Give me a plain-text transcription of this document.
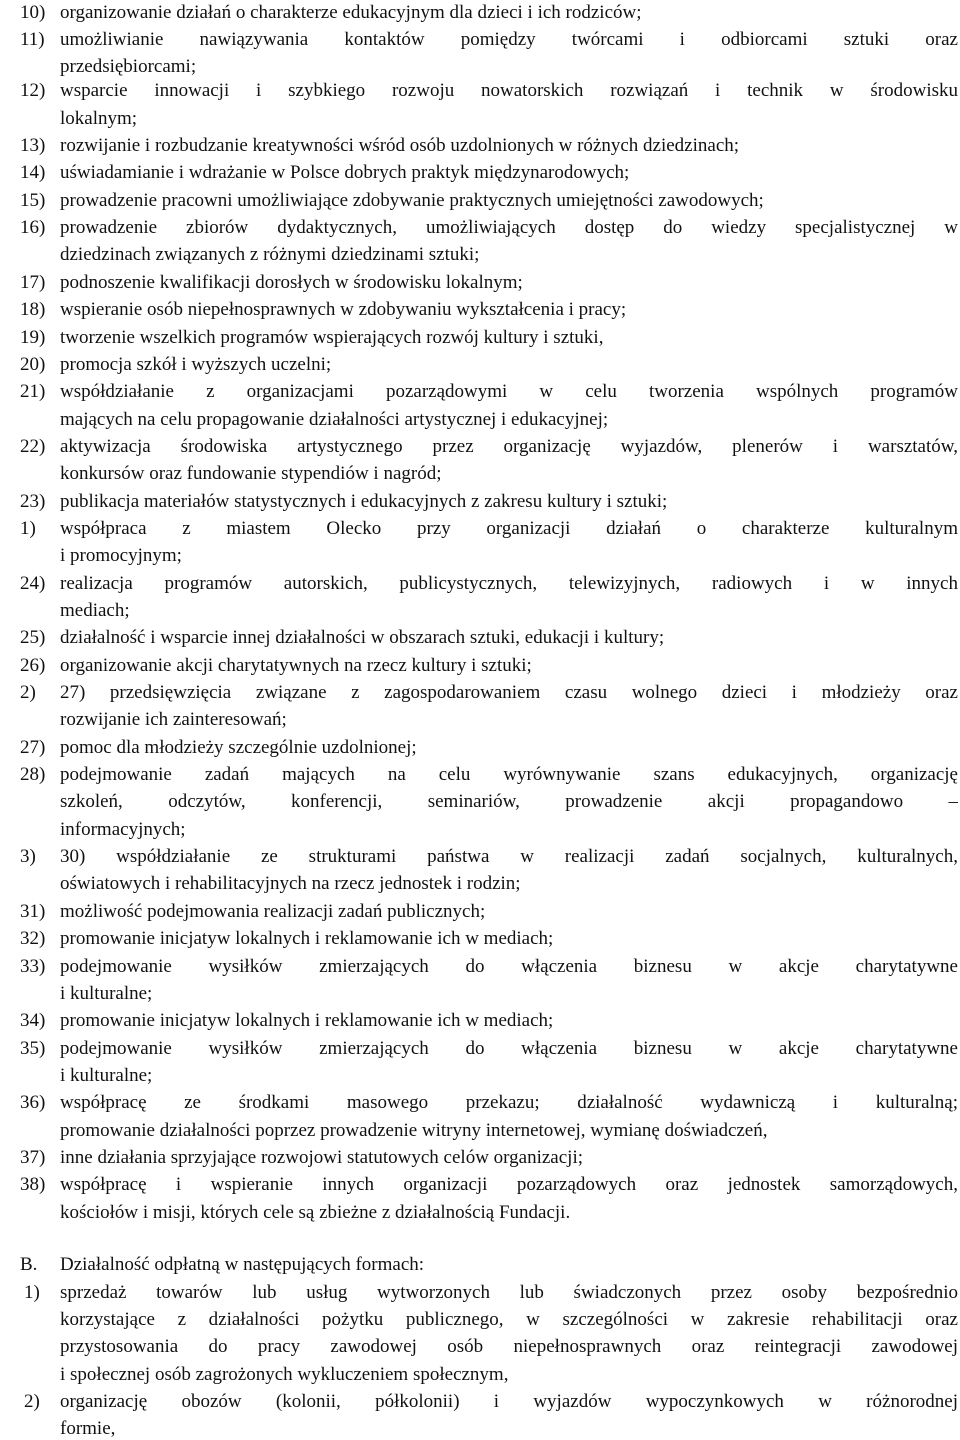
10) organizowanie działań o charakterze edukacyjnym dla dzieci i ich rodziców;
11) umożliwianie nawiązywania kontaktów pomiędzy twórcami i odbiorcami sztuki oraz
przedsiębiorcami;
12) wsparcie innowacji i szybkiego rozwoju nowatorskich rozwiązań i technik w środowisku
lokalnym;
13) rozwijanie i rozbudzanie kreatywności wśród osób uzdolnionych w różnych dziedzinach;
14) uświadamianie i wdrażanie w Polsce dobrych praktyk międzynarodowych;
15) prowadzenie pracowni umożliwiające zdobywanie praktycznych umiejętności zawodowych;
16) prowadzenie zbiorów dydaktycznych, umożliwiających dostęp do wiedzy specjalistycznej w
dziedzinach związanych z różnymi dziedzinami sztuki;
17) podnoszenie kwalifikacji dorosłych w środowisku lokalnym;
18) wspieranie osób niepełnosprawnych w zdobywaniu wykształcenia i pracy;
19) tworzenie wszelkich programów wspierających rozwój kultury i sztuki,
20) promocja szkół i wyższych uczelni;
21) współdziałanie z organizacjami pozarządowymi w celu tworzenia wspólnych programów
mających na celu propagowanie działalności artystycznej i edukacyjnej;
22) aktywizacja środowiska artystycznego przez organizację wyjazdów, plenerów i warsztatów,
konkursów oraz fundowanie stypendiów i nagród;
23) publikacja materiałów statystycznych i edukacyjnych z zakresu kultury i sztuki;
1) współpraca z miastem Olecko przy organizacji działań o charakterze kulturalnym
i promocyjnym;
24) realizacja programów autorskich, publicystycznych, telewizyjnych, radiowych i w innych
mediach;
25) działalność i wsparcie innej działalności w obszarach sztuki, edukacji i kultury;
26) organizowanie akcji charytatywnych na rzecz kultury i sztuki;
2) 27) przedsięwzięcia związane z zagospodarowaniem czasu wolnego dzieci i młodzieży oraz
rozwijanie ich zainteresowań;
27) pomoc dla młodzieży szczególnie uzdolnionej;
28) podejmowanie zadań mających na celu wyrównywanie szans edukacyjnych, organizację
szkoleń, odczytów, konferencji, seminariów, prowadzenie akcji propagandowo –
informacyjnych;
3) 30) współdziałanie ze strukturami państwa w realizacji zadań socjalnych, kulturalnych,
oświatowych i rehabilitacyjnych na rzecz jednostek i rodzin;
31) możliwość podejmowania realizacji zadań publicznych;
32) promowanie inicjatyw lokalnych i reklamowanie ich w mediach;
33) podejmowanie wysiłków zmierzających do włączenia biznesu w akcje charytatywne
i kulturalne;
34) promowanie inicjatyw lokalnych i reklamowanie ich w mediach;
35) podejmowanie wysiłków zmierzających do włączenia biznesu w akcje charytatywne
i kulturalne;
36) współpracę ze środkami masowego przekazu; działalność wydawniczą i kulturalną;
promowanie działalności poprzez prowadzenie witryny internetowej, wymianę doświadczeń,
37) inne działania sprzyjające rozwojowi statutowych celów organizacji;
38) współpracę i wspieranie innych organizacji pozarządowych oraz jednostek samorządowych,
kościołów i misji, których cele są zbieżne z działalnością Fundacji.
B. Działalność odpłatną w następujących formach:
1) sprzedaż towarów lub usług wytworzonych lub świadczonych przez osoby bezpośrednio
korzystające z działalności pożytku publicznego, w szczególności w zakresie rehabilitacji oraz
przystosowania do pracy zawodowej osób niepełnosprawnych oraz reintegracji zawodowej
i społecznej osób zagrożonych wykluczeniem społecznym,
2) organizację obozów (kolonii, półkolonii) i wyjazdów wypoczynkowych w różnorodnej
formie,
